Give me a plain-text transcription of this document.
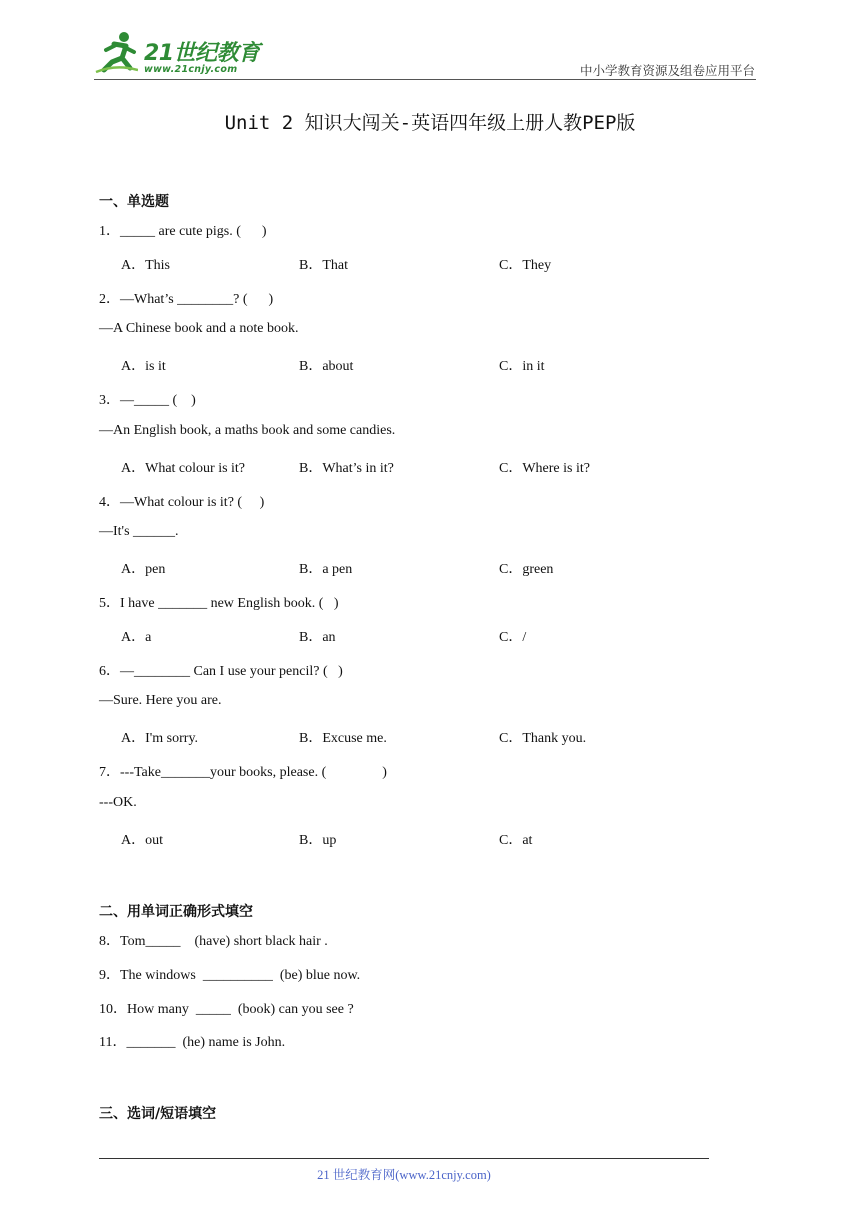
21世纪教育
www.21cnjy.com	中小学教育资源及组卷应用平台
Unit 2 知识大闯关-英语四年级上册人教PEP版
一、单选题
1．_____ are cute pigs. (      )
A．This	B．That	C．They
2．—What’s ________? (      )
—A Chinese book and a note book.
A．is it	B．about	C．in it
3．—_____ (    )
—An English book, a maths book and some candies.
A．What colour is it?	B．What’s in it?	C．Where is it?
4．—What colour is it? (     )
—It's ______.
A．pen	B．a pen	C．green
5．I have _______ new English book. (   )
A．a	B．an	C．/
6．—________ Can I use your pencil? (   )
—Sure. Here you are.
A．I'm sorry.	B．Excuse me.	C．Thank you.
7．---Take_______your books, please. (                )
---OK.
A．out	B．up	C．at
二、用单词正确形式填空
8．Tom_____    (have) short black hair .
9．The windows  __________  (be) blue now.
10．How many  _____  (book) can you see ?
11．_______  (he) name is John.
三、选词/短语填空
21 世纪教育网(www.21cnjy.com)
